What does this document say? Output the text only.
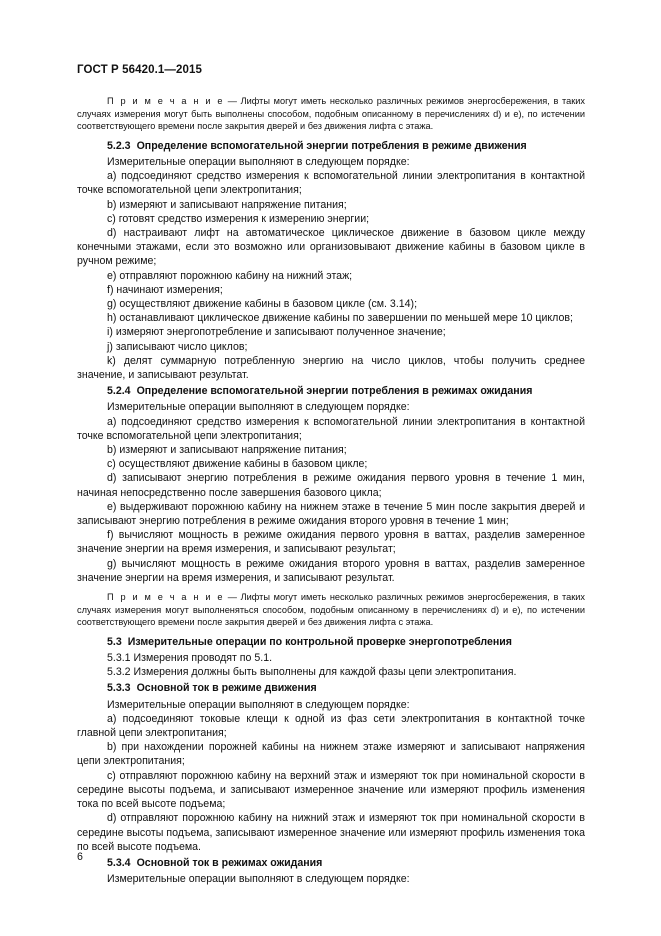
ГОСТ Р 56420.1—2015

П р и м е ч а н и е — Лифты могут иметь несколько различных режимов энергосбережения, в таких случаях измерения могут быть выполнены способом, подобным описанному в перечислениях d) и e), по истечении соответствующего времени после закрытия дверей и без движения лифта с этажа.

5.2.3 Определение вспомогательной энергии потребления в режиме движения

Измерительные операции выполняют в следующем порядке:

a) подсоединяют средство измерения к вспомогательной линии электропитания в контактной точке вспомогательной цепи электропитания;

b) измеряют и записывают напряжение питания;

c) готовят средство измерения к измерению энергии;

d) настраивают лифт на автоматическое циклическое движение в базовом цикле между конечными этажами, если это возможно или организовывают движение кабины в базовом цикле в ручном режиме;

e) отправляют порожнюю кабину на нижний этаж;

f) начинают измерения;

g) осуществляют движение кабины в базовом цикле (см. 3.14);

h) останавливают циклическое движение кабины по завершении по меньшей мере 10 циклов;

i) измеряют энергопотребление и записывают полученное значение;

j) записывают число циклов;

k) делят суммарную потребленную энергию на число циклов, чтобы получить среднее значение, и записывают результат.

5.2.4 Определение вспомогательной энергии потребления в режимах ожидания

Измерительные операции выполняют в следующем порядке:

a) подсоединяют средство измерения к вспомогательной линии электропитания в контактной точке вспомогательной цепи электропитания;

b) измеряют и записывают напряжение питания;

c) осуществляют движение кабины в базовом цикле;

d) записывают энергию потребления в режиме ожидания первого уровня в течение 1 мин, начиная непосредственно после завершения базового цикла;

e) выдерживают порожнюю кабину на нижнем этаже в течение 5 мин после закрытия дверей и записывают энергию потребления в режиме ожидания второго уровня в течение 1 мин;

f) вычисляют мощность в режиме ожидания первого уровня в ваттах, разделив замеренное значение энергии на время измерения, и записывают результат;

g) вычисляют мощность в режиме ожидания второго уровня в ваттах, разделив замеренное значение энергии на время измерения, и записывают результат.

П р и м е ч а н и е — Лифты могут иметь несколько различных режимов энергосбережения, в таких случаях измерения могут выполненяться способом, подобным описанному в перечислениях d) и e), по истечении соответствующего времени после закрытия дверей и без движения лифта с этажа.

5.3 Измерительные операции по контрольной проверке энергопотребления

5.3.1 Измерения проводят по 5.1.

5.3.2 Измерения должны быть выполнены для каждой фазы цепи электропитания.

5.3.3 Основной ток в режиме движения

Измерительные операции выполняют в следующем порядке:

a) подсоединяют токовые клещи к одной из фаз сети электропитания в контактной точке главной цепи электропитания;

b) при нахождении порожней кабины на нижнем этаже измеряют и записывают напряжения цепи электропитания;

c) отправляют порожнюю кабину на верхний этаж и измеряют ток при номинальной скорости в середине высоты подъема, и записывают измеренное значение или измеряют профиль изменения тока по всей высоте подъема;

d) отправляют порожнюю кабину на нижний этаж и измеряют ток при номинальной скорости в середине высоты подъема, записывают измеренное значение или измеряют профиль изменения тока по всей высоте подъема.

5.3.4 Основной ток в режимах ожидания

Измерительные операции выполняют в следующем порядке:

6
